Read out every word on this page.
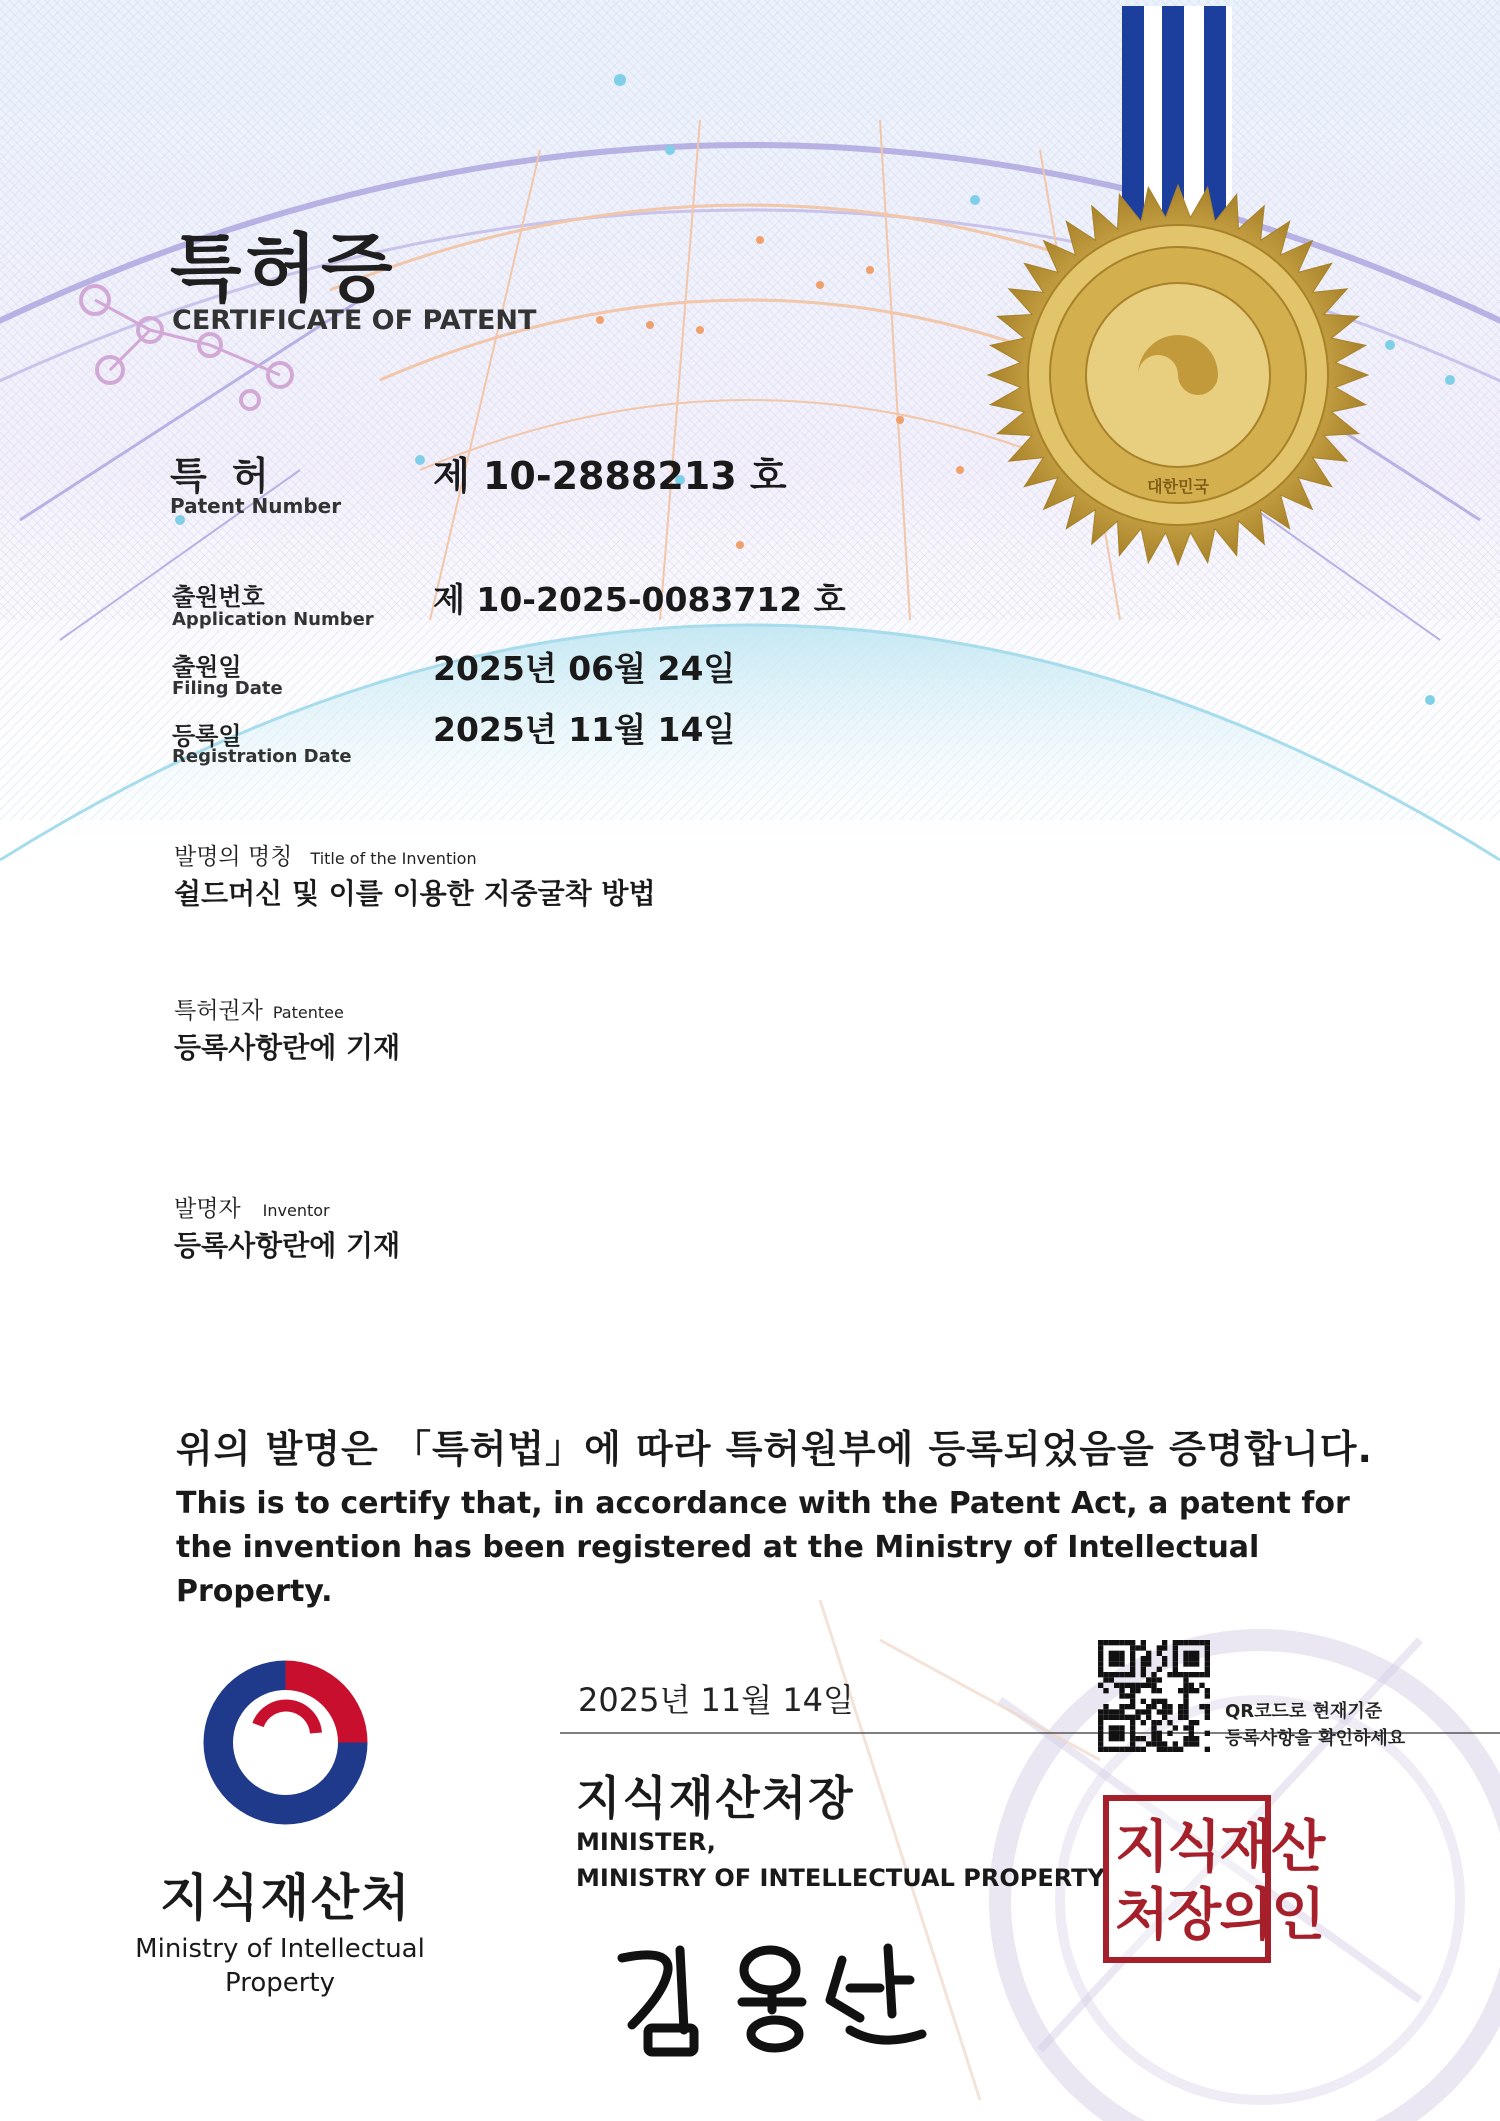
특허증
CERTIFICATE OF PATENT
대한민국
특 허
Patent Number
제 10-2888213 호
출원번호
Application Number
제 10-2025-0083712 호
출원일
Filing Date
2025년 06월 24일
등록일
Registration Date
2025년 11월 14일
발명의 명칭 Title of the Invention
쉴드머신 및 이를 이용한 지중굴착 방법
특허권자 Patentee
등록사항란에 기재
발명자 Inventor
등록사항란에 기재
위의 발명은 「특허법」에 따라 특허원부에 등록되었음을 증명합니다.
This is to certify that, in accordance with the Patent Act, a patent for the invention has been registered at the Ministry of Intellectual Property.
지식재산처
Ministry of Intellectual Property
2025년 11월 14일
지식재산처장
MINISTER,
MINISTRY OF INTELLECTUAL PROPERTY
QR코드로 현재기준
등록사항을 확인하세요
지식재산
처장의인
